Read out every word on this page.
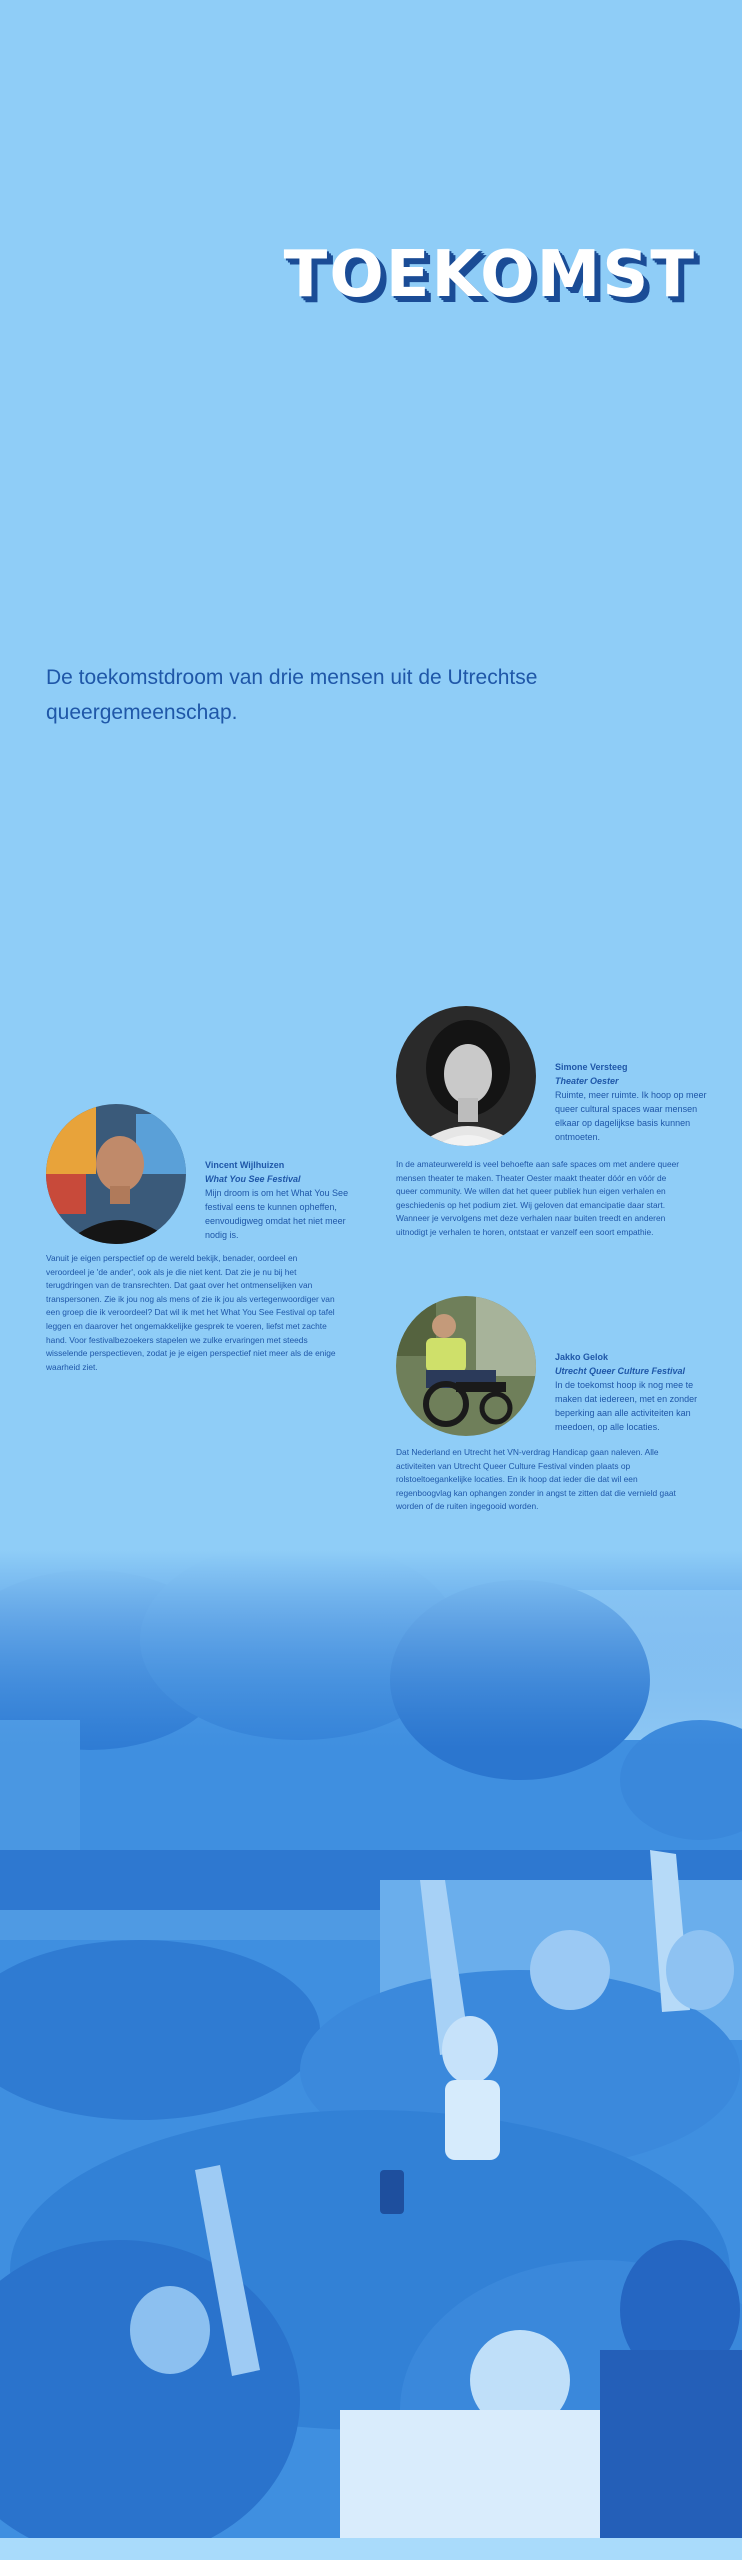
TOEKOMST

De toekomstdroom van drie mensen uit de Utrechtse queergemeenschap.

Simone Versteeg
Theater Oester
Ruimte, meer ruimte. Ik hoop op meer queer cultural spaces waar mensen elkaar op dagelijkse basis kunnen ontmoeten.

In de amateurwereld is veel behoefte aan safe spaces om met andere queer mensen theater te maken. Theater Oester maakt theater dóór en vóór de queer community. We willen dat het queer publiek hun eigen verhalen en geschiedenis op het podium ziet. Wij geloven dat emancipatie daar start. Wanneer je vervolgens met deze verhalen naar buiten treedt en anderen uitnodigt je verhalen te horen, ontstaat er vanzelf een soort empathie.

Vincent Wijlhuizen
What You See Festival
Mijn droom is om het What You See festival eens te kunnen opheffen, eenvoudigweg omdat het niet meer nodig is.

Vanuit je eigen perspectief op de wereld bekijk, benader, oordeel en veroordeel je 'de ander', ook als je die niet kent. Dat zie je nu bij het terugdringen van de transrechten. Dat gaat over het ontmenselijken van transpersonen. Zie ik jou nog als mens of zie ik jou als vertegenwoordiger van een groep die ik veroordeel? Dat wil ik met het What You See Festival op tafel leggen en daarover het ongemakkelijke gesprek te voeren, liefst met zachte hand. Voor festivalbezoekers stapelen we zulke ervaringen met steeds wisselende perspectieven, zodat je je eigen perspectief niet meer als de enige waarheid ziet.

Jakko Gelok
Utrecht Queer Culture Festival
In de toekomst hoop ik nog mee te maken dat iedereen, met en zonder beperking aan alle activiteiten kan meedoen, op alle locaties.

Dat Nederland en Utrecht het VN-verdrag Handicap gaan naleven. Alle activiteiten van Utrecht Queer Culture Festival vinden plaats op rolstoeltoegankelijke locaties. En ik hoop dat ieder die dat wil een regenboogvlag kan ophangen zonder in angst te zitten dat die vernield gaat worden of de ruiten ingegooid worden.
